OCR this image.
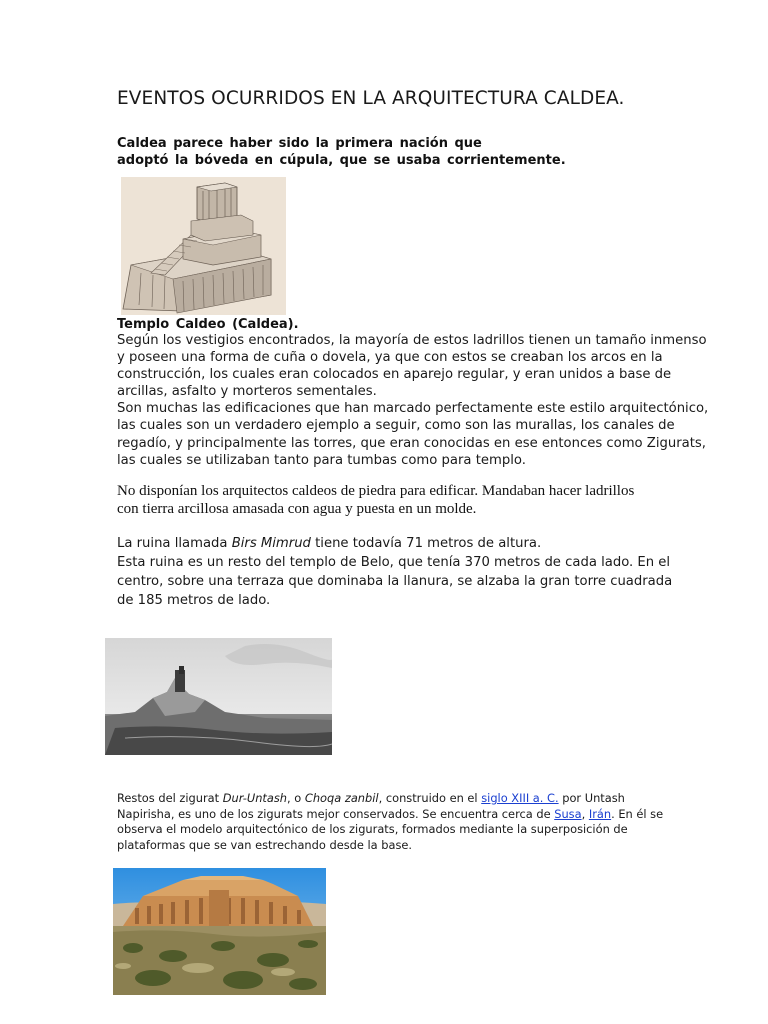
EVENTOS OCURRIDOS EN LA ARQUITECTURA CALDEA.
Caldea parece haber sido la primera nación que
adoptó la bóveda en cúpula, que se usaba corrientemente.
Templo Caldeo (Caldea).
Según los vestigios encontrados, la mayoría de estos ladrillos tienen un tamaño inmenso
y poseen una forma de cuña o dovela, ya que con estos se creaban los arcos en la
construcción, los cuales eran colocados en aparejo regular, y eran unidos a base de
arcillas, asfalto y morteros sementales.
Son muchas las edificaciones que han marcado perfectamente este estilo arquitectónico,
las cuales son un verdadero ejemplo a seguir, como son las murallas, los canales de
regadío, y principalmente las torres, que eran conocidas en ese entonces como Zigurats,
las cuales se utilizaban tanto para tumbas como para templo.
No disponían los arquitectos caldeos de piedra para edificar. Mandaban hacer ladrillos
con tierra arcillosa amasada con agua y puesta en un molde.
La ruina llamada Birs Mimrud tiene todavía 71 metros de altura.
Esta ruina es un resto del templo de Belo, que tenía 370 metros de cada lado. En el
centro, sobre una terraza que dominaba la llanura, se alzaba la gran torre cuadrada
de 185 metros de lado.
Restos del zigurat Dur-Untash, o Choqa zanbil, construido en el siglo XIII a. C. por Untash
Napirisha, es uno de los zigurats mejor conservados. Se encuentra cerca de Susa, Irán. En él se
observa el modelo arquitectónico de los zigurats, formados mediante la superposición de
plataformas que se van estrechando desde la base.
